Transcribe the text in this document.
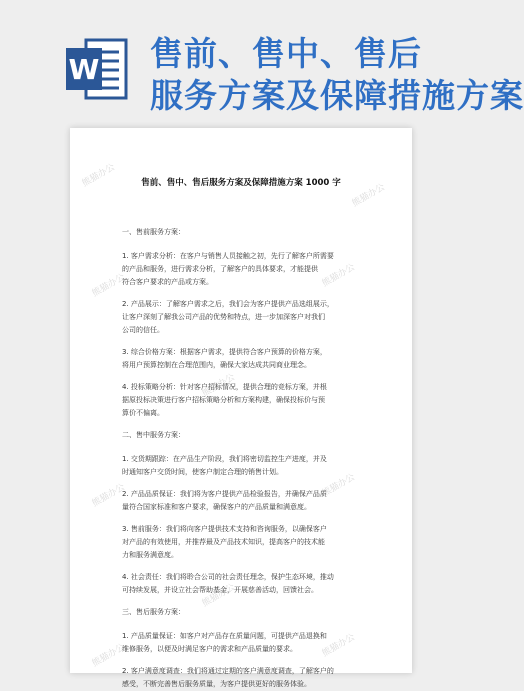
W 售前、售中、售后
服务方案及保障措施方案
售前、售中、售后服务方案及保障措施方案 1000 字
一、售前服务方案：
1. 客户需求分析：在客户与销售人员接触之初，先行了解客户所需要
的产品和服务，进行需求分析，了解客户的具体要求，才能提供
符合客户要求的产品或方案。
2. 产品展示：了解客户需求之后，我们会为客户提供产品选组展示，
让客户深刻了解我公司产品的优势和特点，进一步加深客户对我们
公司的信任。
3. 综合价格方案：根据客户需求，提供符合客户预算的价格方案，
将用户预算控制在合理范围内，确保大家达成共同商业理念。
4. 投标策略分析：针对客户招标情况，提供合理的竞标方案，并根
据原投标决策进行客户招标策略分析和方案构建，确保投标价与预
算价不偏离。
二、售中服务方案：
1. 交货期跟踪：在产品生产阶段，我们将密切监控生产进度，并及
时通知客户交货时间，使客户制定合理的销售计划。
2. 产品品质保证：我们将为客户提供产品检验报告，并确保产品质
量符合国家标准和客户要求，确保客户的产品质量和满意度。
3. 售前服务：我们将向客户提供技术支持和咨询服务，以确保客户
对产品的有效使用，并推荐最及产品技术知识，提高客户的技术能
力和服务满意度。
4. 社会责任：我们将聆合公司的社会责任理念，保护生态环境，推动
可持续发展，并设立社会帮助基金，开展慈善活动，回馈社会。
三、售后服务方案：
1. 产品质量保证：如客户对产品存在质量问题，可提供产品退换和
维修服务，以便及时满足客户的需求和产品质量的要求。
2. 客户满意度调查：我们将通过定期的客户满意度调查，了解客户的
感受，不断完善售后服务质量，为客户提供更好的服务体验。
熊猫办公	熊猫办公
熊猫办公
熊猫办公	熊猫办公
熊猫办公
熊猫办公	熊猫办公
熊猫办公
熊猫办公
